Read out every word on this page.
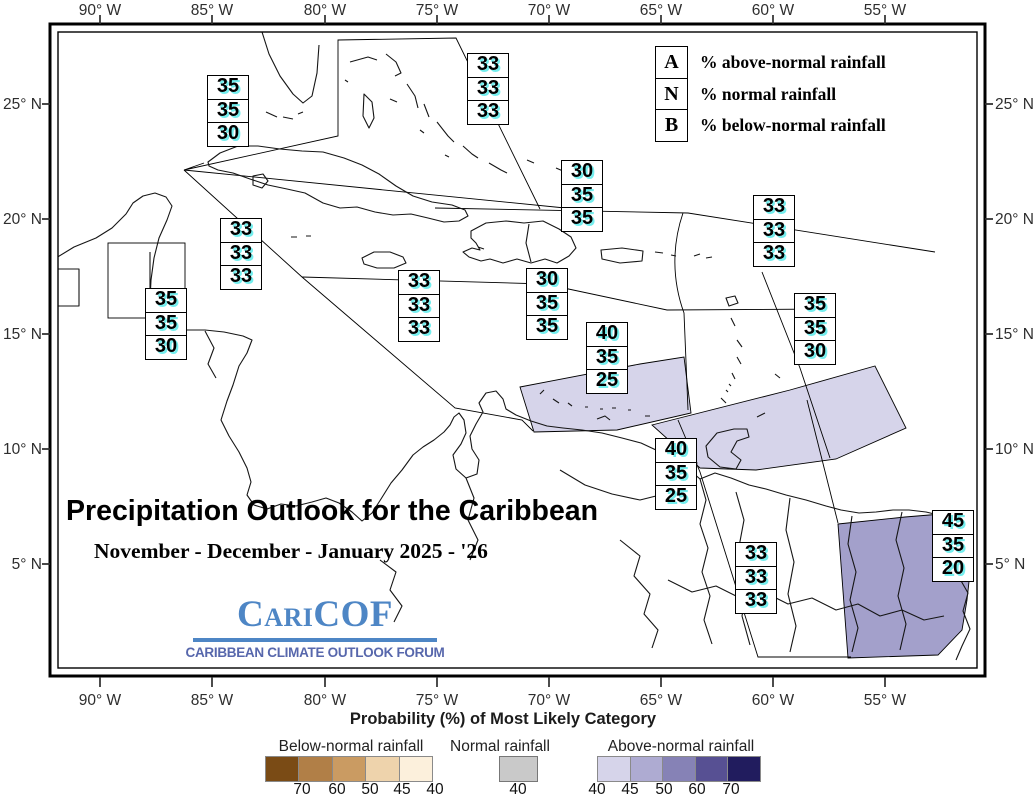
90° W	85° W	80° W	75° W	70° W	65° W	60° W	55° W
90° W	85° W	80° W	75° W	70° W	65° W	60° W	55° W
25° N
20° N
15° N
10° N
5° N
25° N
20° N
15° N
10° N
5° N
A	% above-normal rainfall
N	% normal rainfall
B	% below-normal rainfall
35
35
30
33
33
33
30
35
35
33
33
33
35
35
30
33
33
33
30
35
35
33
33
33
35
35
30
40
35
25
40
35
25
33
33
33
45
35
20
Precipitation Outlook for the Caribbean
November - December - January 2025 - '26
CARICOF
CARIBBEAN CLIMATE OUTLOOK FORUM
Probability (%) of Most Likely Category
Below-normal rainfall	Normal rainfall	Above-normal rainfall
70	60	50 45	40	40	40	45	50	60	70
